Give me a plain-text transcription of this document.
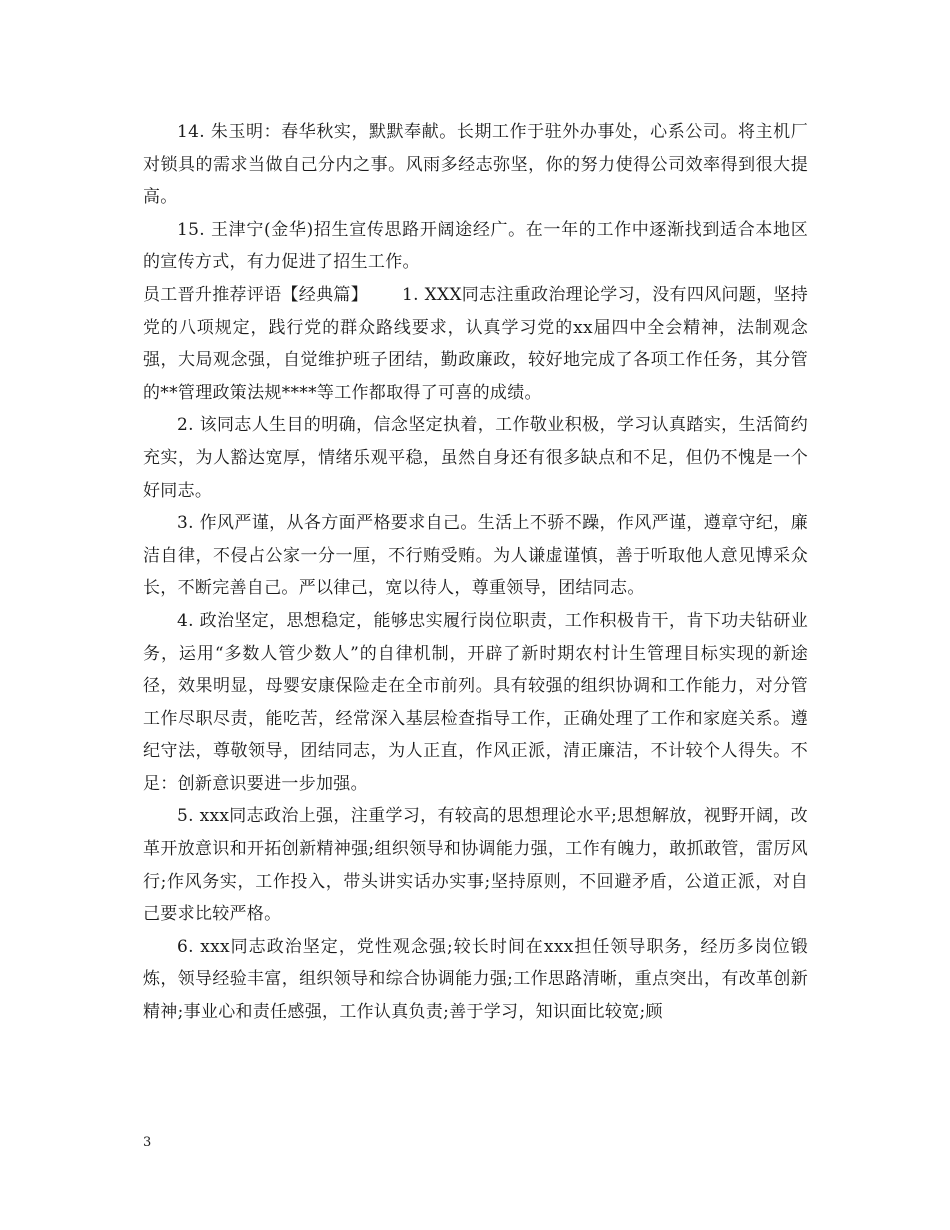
14. 朱玉明：春华秋实，默默奉献。长期工作于驻外办事处，心系公司。将主机厂对锁具的需求当做自己分内之事。风雨多经志弥坚，你的努力使得公司效率得到很大提高。

15. 王津宁(金华)招生宣传思路开阔途经广。在一年的工作中逐渐找到适合本地区的宣传方式，有力促进了招生工作。

员工晋升推荐评语【经典篇】 1. XXX同志注重政治理论学习，没有四风问题，坚持党的八项规定，践行党的群众路线要求，认真学习党的xx届四中全会精神，法制观念强，大局观念强，自觉维护班子团结，勤政廉政，较好地完成了各项工作任务，其分管的**管理政策法规****等工作都取得了可喜的成绩。

2. 该同志人生目的明确，信念坚定执着，工作敬业积极，学习认真踏实，生活简约充实，为人豁达宽厚，情绪乐观平稳，虽然自身还有很多缺点和不足，但仍不愧是一个好同志。

3. 作风严谨，从各方面严格要求自己。生活上不骄不躁，作风严谨，遵章守纪，廉洁自律，不侵占公家一分一厘，不行贿受贿。为人谦虚谨慎，善于听取他人意见博采众长，不断完善自己。严以律己，宽以待人，尊重领导，团结同志。

4. 政治坚定，思想稳定，能够忠实履行岗位职责，工作积极肯干，肯下功夫钻研业务，运用“多数人管少数人”的自律机制，开辟了新时期农村计生管理目标实现的新途径，效果明显，母婴安康保险走在全市前列。具有较强的组织协调和工作能力，对分管工作尽职尽责，能吃苦，经常深入基层检查指导工作，正确处理了工作和家庭关系。遵纪守法，尊敬领导，团结同志，为人正直，作风正派，清正廉洁，不计较个人得失。不足：创新意识要进一步加强。

5. xxx同志政治上强，注重学习，有较高的思想理论水平;思想解放，视野开阔，改革开放意识和开拓创新精神强;组织领导和协调能力强，工作有魄力，敢抓敢管，雷厉风行;作风务实，工作投入，带头讲实话办实事;坚持原则，不回避矛盾，公道正派，对自己要求比较严格。

6. xxx同志政治坚定，党性观念强;较长时间在xxx担任领导职务，经历多岗位锻炼，领导经验丰富，组织领导和综合协调能力强;工作思路清晰，重点突出，有改革创新精神;事业心和责任感强，工作认真负责;善于学习，知识面比较宽;顾

3
